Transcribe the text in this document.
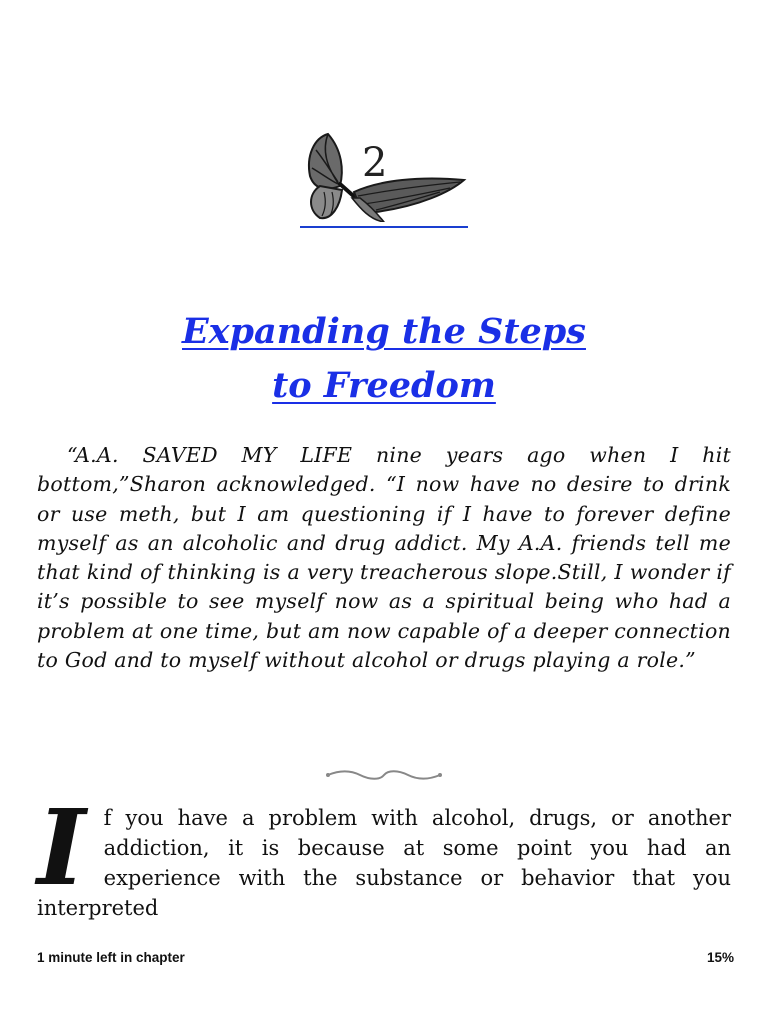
2
Expanding the Steps
to Freedom

“A.A. SAVED MY LIFE nine years ago when I hit bottom,”Sharon acknowledged. “I now have no desire to drink or use meth, but I am questioning if I have to forever define myself as an alcoholic and drug addict. My A.A. friends tell me that kind of thinking is a very treacherous slope.Still, I wonder if it’s possible to see myself now as a spiritual being who had a problem at one time, but am now capable of a deeper connection to God and to myself without alcohol or drugs playing a role.”

If you have a problem with alcohol, drugs, or another addiction, it is because at some point you had an experience with the substance or behavior that you interpreted

1 minute left in chapter	15%
